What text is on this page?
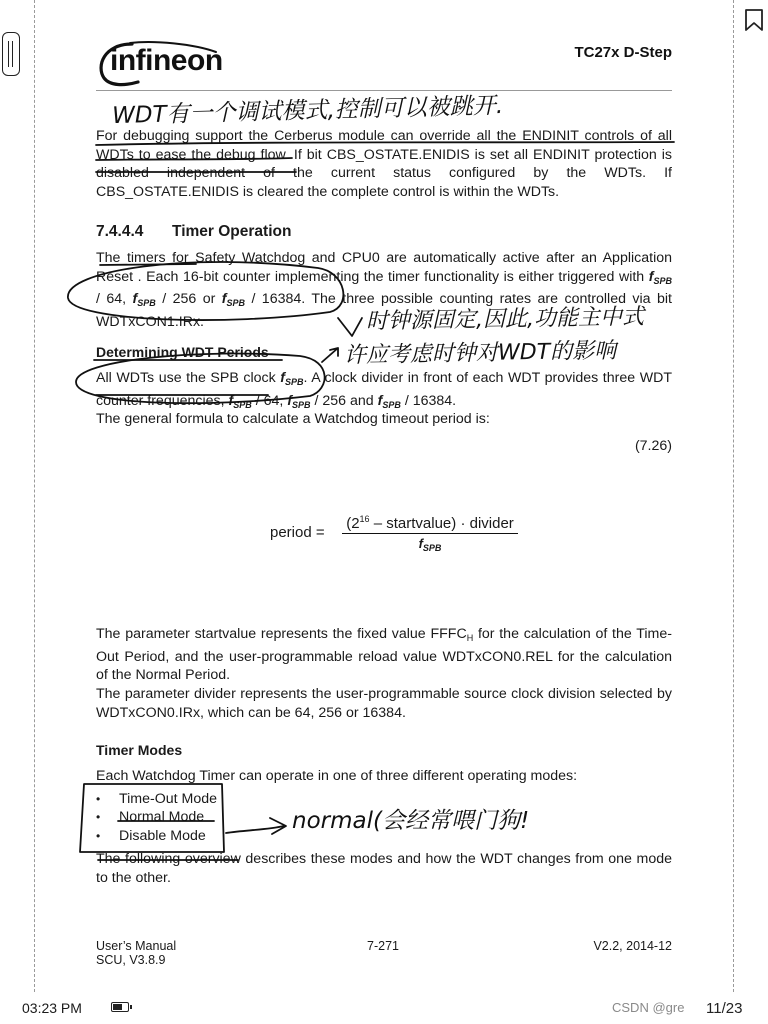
infineon	TC27x D-Step

For debugging support the Cerberus module can override all the ENDINIT controls of all WDTs to ease the debug flow. If bit CBS_OSTATE.ENIDIS is set all ENDINIT protection is disabled independent of the current status configured by the WDTs. If CBS_OSTATE.ENIDIS is cleared the complete control is within the WDTs.

7.4.4.4 Timer Operation

The timers for Safety Watchdog and CPU0 are automatically active after an Application Reset . Each 16-bit counter implementing the timer functionality is either triggered with $f_{SPB} / 64$, $f_{SPB} / 256$ or $f_{SPB} / 16384$. The three possible counting rates are controlled via bit WDTxCON1.IRx.

Determining WDT Periods

All WDTs use the SPB clock $f_{SPB}$. A clock divider in front of each WDT provides three WDT counter frequencies, $f_{SPB} / 64$, $f_{SPB} / 256$ and $f_{SPB} / 16384$.

The general formula to calculate a Watchdog timeout period is:

(7.26)
period =
($2^{16}$ – startvalue) · divider
$f_{SPB}$

The parameter startvalue represents the fixed value $FFFC_H$ for the calculation of the Time-Out Period, and the user-programmable reload value WDTxCON0.REL for the calculation of the Normal Period.

The parameter divider represents the user-programmable source clock division selected by WDTxCON0.IRx, which can be 64, 256 or 16384.

Timer Modes

Each Watchdog Timer can operate in one of three different operating modes:

• Time-Out Mode
• Normal Mode
• Disable Mode

The following overview describes these modes and how the WDT changes from one mode to the other.

User’s Manual
SCU, V3.8.9
7-271	V2.2, 2014-12
WDT有一个调试模式,控制可以被跳开.
时钟源固定,因此,功能主中式
许应考虑时钟对WDT的影响
normal(会经常喂门狗!
03:23 PM	CSDN @gre 11/23
